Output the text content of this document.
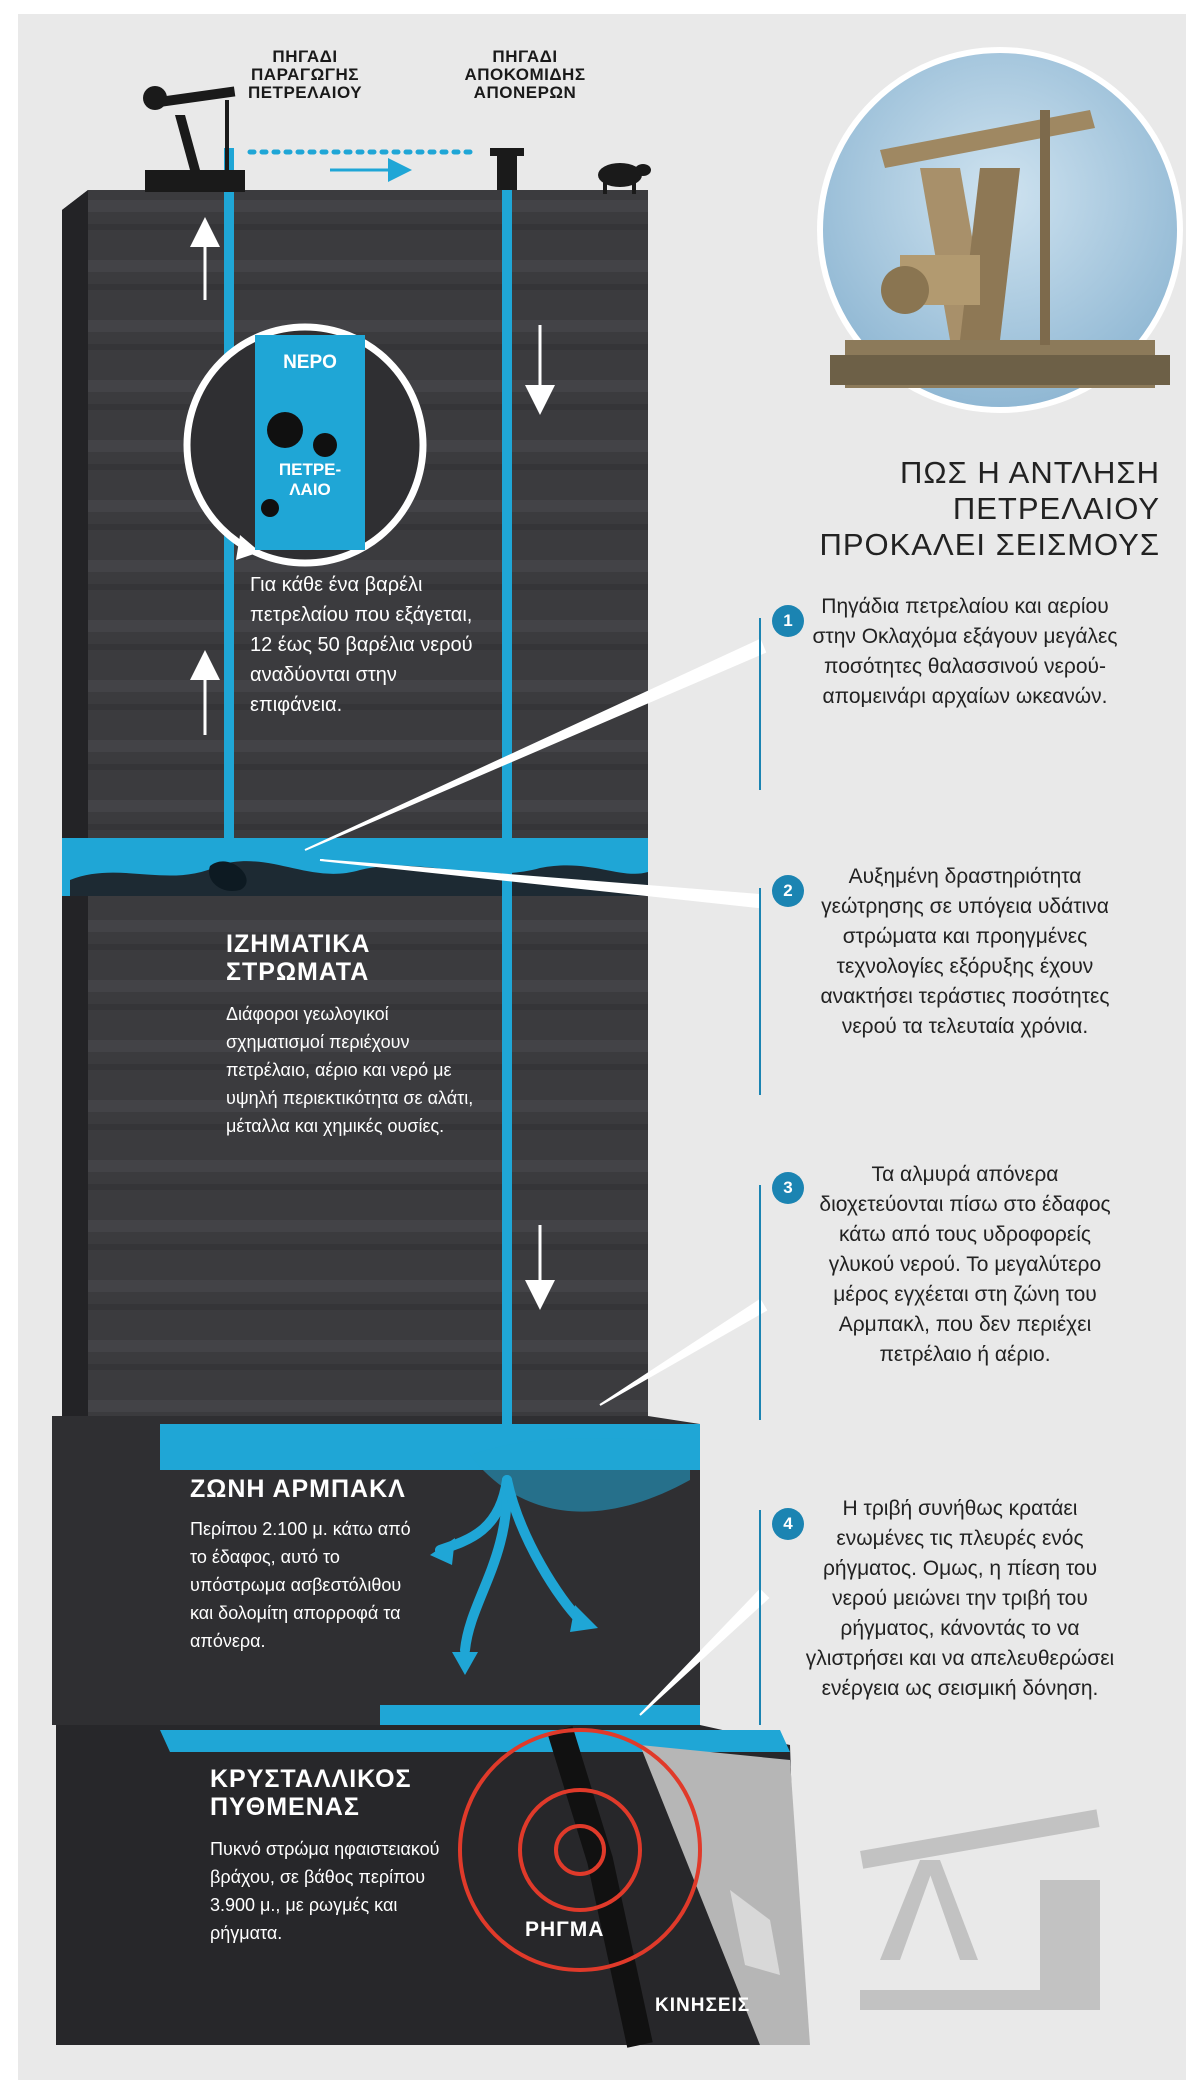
ΠΗΓΑΔΙ ΠΑΡΑΓΩΓΗΣ ΠΕΤΡΕΛΑΙΟΥ
ΠΗΓΑΔΙ ΑΠΟΚΟΜΙΔΗΣ ΑΠΟΝΕΡΩΝ
ΝΕΡΟ
ΠΕΤΡΕ-
ΛΑΙΟ
Για κάθε ένα βαρέλι πετρελαίου που εξάγεται, 12 έως 50 βαρέλια νερού αναδύονται στην επιφάνεια.
ΙΖΗΜΑΤΙΚΑ ΣΤΡΩΜΑΤΑ
Διάφοροι γεωλογικοί σχηματισμοί περιέχουν πετρέλαιο, αέριο και νερό με υψηλή περιεκτικότητα σε αλάτι, μέταλλα και χημικές ουσίες.
ΖΩΝΗ ΑΡΜΠΑΚΛ
Περίπου 2.100 μ. κάτω από το έδαφος, αυτό το υπόστρωμα ασβεστόλιθου και δολομίτη απορροφά τα απόνερα.
ΚΡΥΣΤΑΛΛΙΚΟΣ ΠΥΘΜΕΝΑΣ
Πυκνό στρώμα ηφαιστειακού βράχου, σε βάθος περίπου 3.900 μ., με ρωγμές και ρήγματα.	ΡΗΓΜΑ
ΚΙΝΗΣΕΙΣ
ΠΩΣ Η ΑΝΤΛΗΣΗ ΠΕΤΡΕΛΑΙΟΥ ΠΡΟΚΑΛΕΙ ΣΕΙΣΜΟΥΣ
1
Πηγάδια πετρελαίου και αερίου στην Οκλαχόμα εξάγουν μεγάλες ποσότητες θαλασσινού νερού-απομεινάρι αρχαίων ωκεανών.
2
Αυξημένη δραστηριότητα γεώτρησης σε υπόγεια υδάτινα στρώματα και προηγμένες τεχνολογίες εξόρυξης έχουν ανακτήσει τεράστιες ποσότητες νερού τα τελευταία χρόνια.
3
Τα αλμυρά απόνερα διοχετεύονται πίσω στο έδαφος κάτω από τους υδροφορείς γλυκού νερού. Το μεγαλύτερο μέρος εγχέεται στη ζώνη του Αρμπακλ, που δεν περιέχει πετρέλαιο ή αέριο.
4
Η τριβή συνήθως κρατάει ενωμένες τις πλευρές ενός ρήγματος. Ομως, η πίεση του νερού μειώνει την τριβή του ρήγματος, κάνοντάς το να γλιστρήσει και να απελευθερώσει ενέργεια ως σεισμική δόνηση.
